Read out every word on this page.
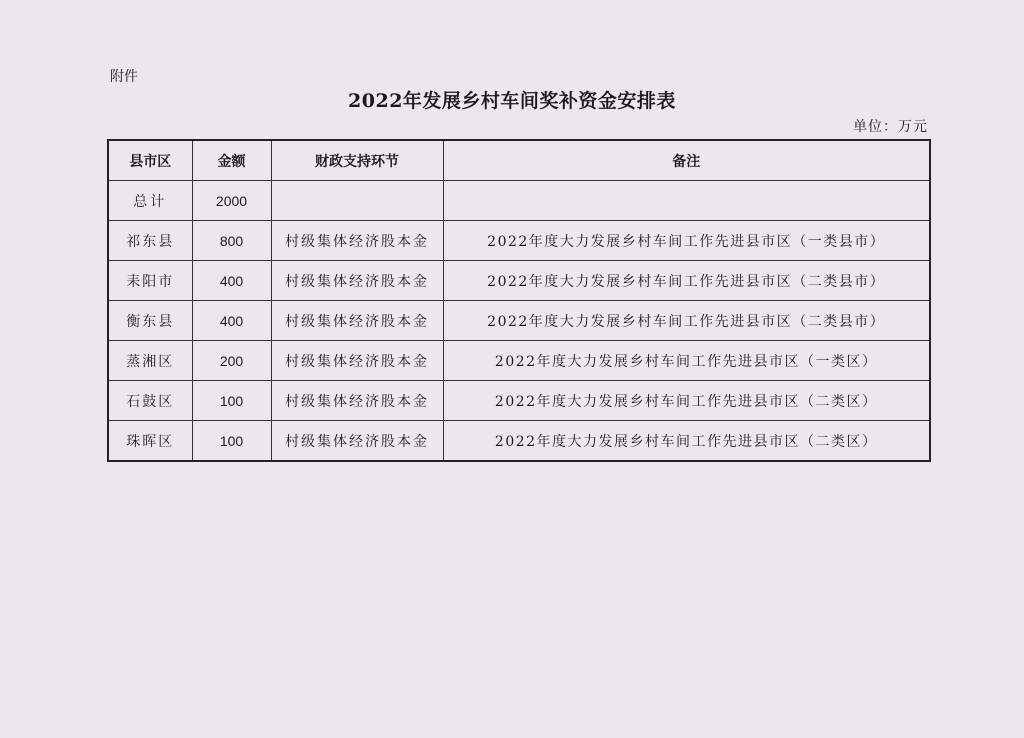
附件
2022年发展乡村车间奖补资金安排表
单位：万元
县市区	金额	财政支持环节	备注
总计	2000		
祁东县	800	村级集体经济股本金	2022年度大力发展乡村车间工作先进县市区（一类县市）
耒阳市	400	村级集体经济股本金	2022年度大力发展乡村车间工作先进县市区（二类县市）
衡东县	400	村级集体经济股本金	2022年度大力发展乡村车间工作先进县市区（二类县市）
蒸湘区	200	村级集体经济股本金	2022年度大力发展乡村车间工作先进县市区（一类区）
石鼓区	100	村级集体经济股本金	2022年度大力发展乡村车间工作先进县市区（二类区）
珠晖区	100	村级集体经济股本金	2022年度大力发展乡村车间工作先进县市区（二类区）
